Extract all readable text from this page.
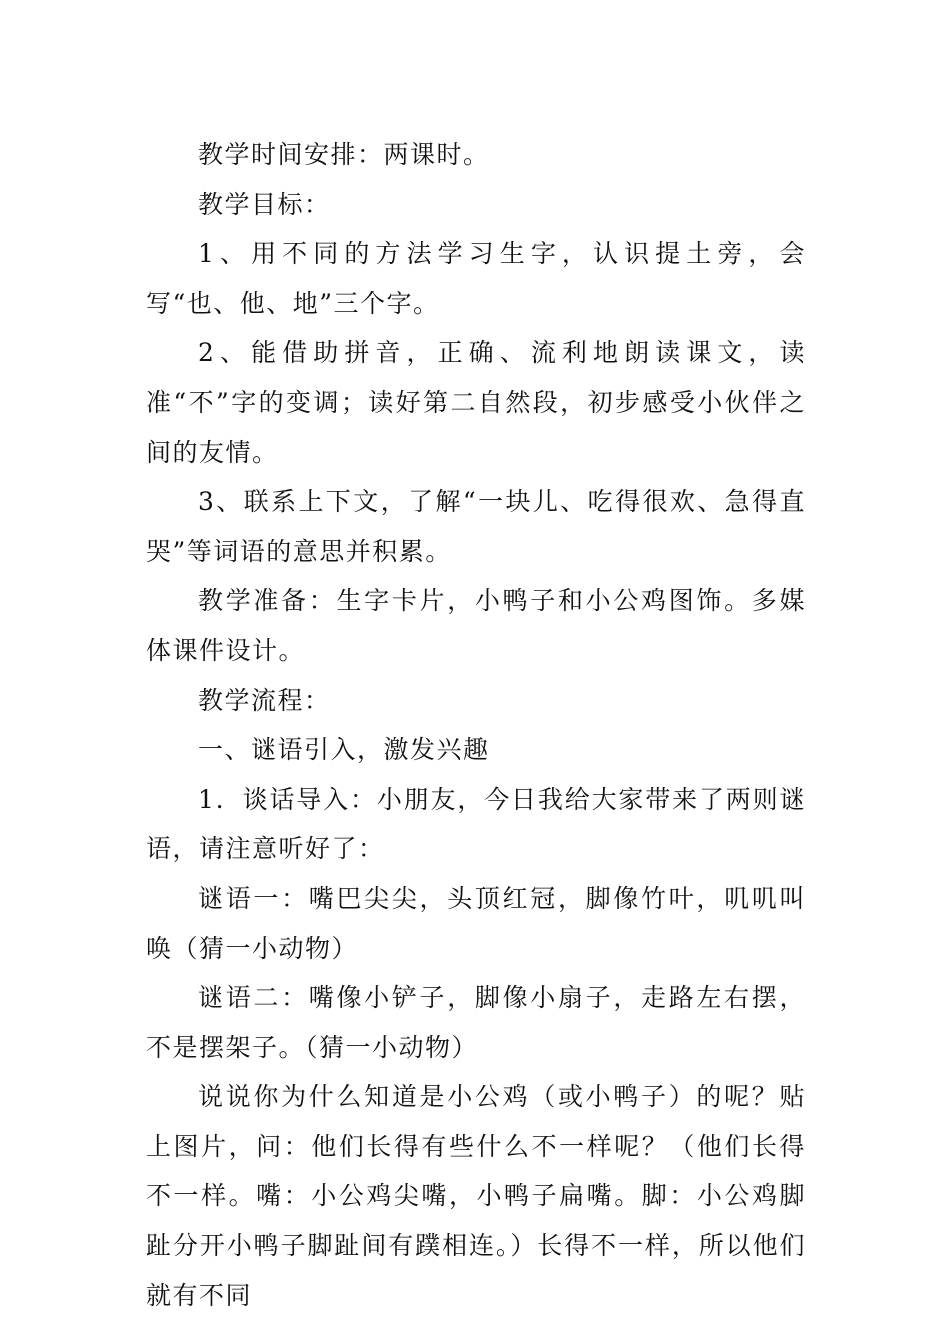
教学时间安排：两课时。

教学目标：

1、用不同的方法学习生字，认识提土旁，会写“也、他、地”三个字。

2、能借助拼音，正确、流利地朗读课文，读准“不”字的变调；读好第二自然段，初步感受小伙伴之间的友情。

3、联系上下文，了解“一块儿、吃得很欢、急得直哭”等词语的意思并积累。

教学准备：生字卡片，小鸭子和小公鸡图饰。多媒体课件设计。

教学流程：

一、谜语引入，激发兴趣

1．谈话导入：小朋友，今日我给大家带来了两则谜语，请注意听好了：

谜语一：嘴巴尖尖，头顶红冠，脚像竹叶，叽叽叫唤（猜一小动物）

谜语二：嘴像小铲子，脚像小扇子，走路左右摆，不是摆架子。（猜一小动物）

说说你为什么知道是小公鸡（或小鸭子）的呢？贴上图片，问：他们长得有些什么不一样呢？（他们长得不一样。嘴：小公鸡尖嘴，小鸭子扁嘴。脚：小公鸡脚趾分开小鸭子脚趾间有蹼相连。）长得不一样，所以他们就有不同
